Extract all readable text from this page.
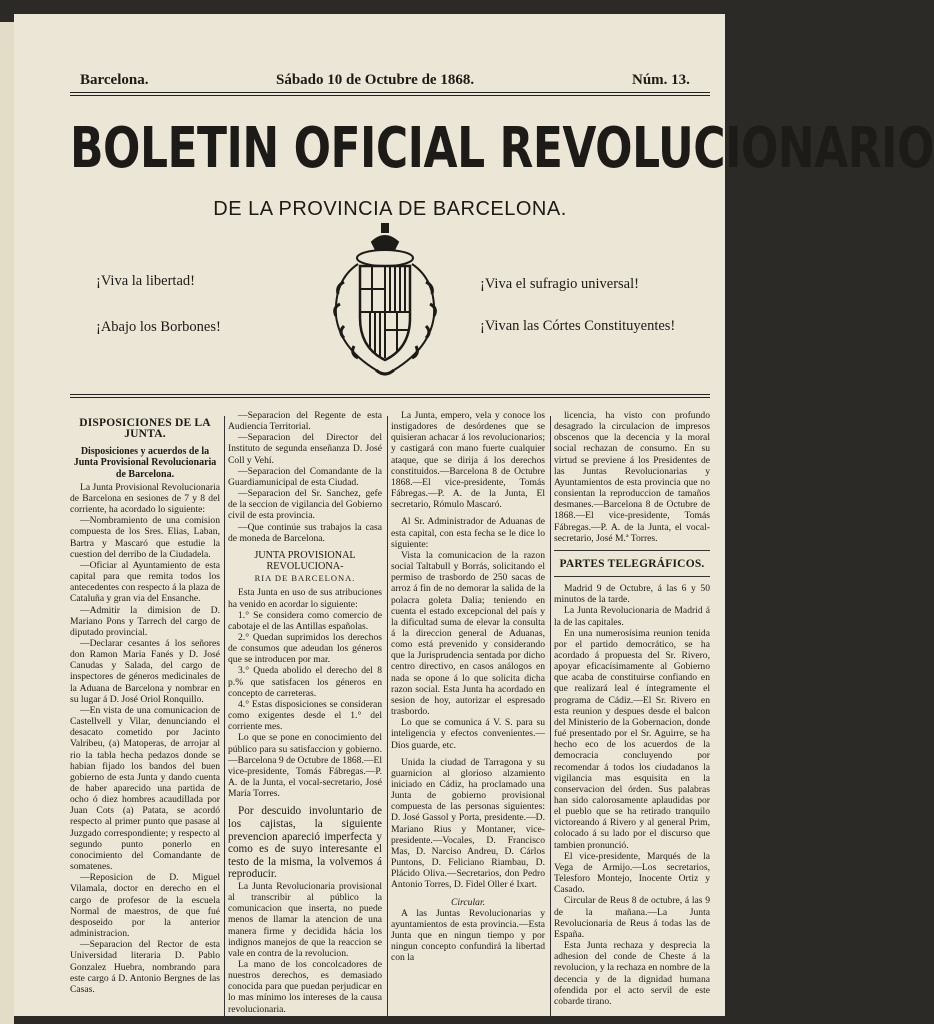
Barcelona.	Sábado 10 de Octubre de 1868.	Núm. 13.
BOLETIN OFICIAL REVOLUCIONARIO
DE LA PROVINCIA DE BARCELONA.
¡Viva la libertad!
¡Abajo los Borbones!
¡Viva el sufragio universal!
¡Vivan las Córtes Constituyentes!

DISPOSICIONES DE LA JUNTA.

Disposiciones y acuerdos de la Junta Provisional Revolucionaria de Barcelona.

La Junta Provisional Revolucionaria de Barcelona en sesiones de 7 y 8 del corriente, ha acordado lo siguiente:

—Nombramiento de una comision compuesta de los Sres. Elias, Laban, Bartra y Mascaró que estudie la cuestion del derribo de la Ciudadela.

—Oficiar al Ayuntamiento de esta capital para que remita todos los antecedentes con respecto á la plaza de Cataluña y gran via del Ensanche.

—Admitir la dimision de D. Mariano Pons y Tarrech del cargo de diputado provincial.

—Declarar cesantes á los señores don Ramon Maria Fanés y D. José Canudas y Salada, del cargo de inspectores de géneros medicinales de la Aduana de Barcelona y nombrar en su lugar á D. José Oriol Ronquillo.

—En vista de una comunicacion de Castellvell y Vilar, denunciando el desacato cometido por Jacinto Valribeu, (a) Matoperas, de arrojar al rio la tabla hecha pedazos donde se habian fijado los bandos del buen gobierno de esta Junta y dando cuenta de haber aparecido una partida de ocho ó diez hombres acaudillada por Juan Cots (a) Patata, se acordó respecto al primer punto que pasase al Juzgado correspondiente; y respecto al segundo punto ponerlo en conocimiento del Comandante de somatenes.

—Reposicion de D. Miguel Vilamala, doctor en derecho en el cargo de profesor de la escuela Normal de maestros, de que fué desposeido por la anterior administracion.

—Separacion del Rector de esta Universidad literaria D. Pablo Gonzalez Huebra, nombrando para este cargo á D. Antonio Bergnes de las Casas.

—Separacion del Regente de esta Audiencia Territorial.

—Separacion del Director del Instituto de segunda enseñanza D. José Coll y Vehí.

—Separacion del Comandante de la Guardiamunicipal de esta Ciudad.

—Separacion del Sr. Sanchez, gefe de la seccion de vigilancia del Gobierno civil de esta provincia.

—Que continúe sus trabajos la casa de moneda de Barcelona.

JUNTA PROVISIONAL REVOLUCIONA-

RIA DE BARCELONA.

Esta Junta en uso de sus atribuciones ha venido en acordar lo siguiente:

1.° Se considera como comercio de cabotaje el de las Antillas españolas.

2.° Quedan suprimidos los derechos de consumos que adeudan los géneros que se introducen por mar.

3.° Queda abolido el derecho del 8 p.% que satisfacen los géneros en concepto de carreteras.

4.° Estas disposiciones se consideran como exigentes desde el 1.° del corriente mes.

Lo que se pone en conocimiento del público para su satisfaccion y gobierno.—Barcelona 9 de Octubre de 1868.—El vice-presidente, Tomás Fábregas.—P. A. de la Junta, el vocal-secretario, José María Torres.

Por descuido involuntario de los cajistas, la siguiente prevencion apareció imperfecta y como es de suyo interesante el testo de la misma, la volvemos á reproducir.

La Junta Revolucionaria provisional al transcribir al público la comunicacion que inserta, no puede menos de llamar la atencion de una manera firme y decidida hácia los indignos manejos de que la reaccion se vale en contra de la revolucion.

La mano de los concolcadores de nuestros derechos, es demasiado conocida para que puedan perjudicar en lo mas mínimo los intereses de la causa revolucionaria.

La Junta, empero, vela y conoce los instigadores de desórdenes que se quisieran achacar á los revolucionarios; y castigará con mano fuerte cualquier ataque, que se dirija á los derechos constituidos.—Barcelona 8 de Octubre 1868.—El vice-presidente, Tomás Fábregas.—P. A. de la Junta, El secretario, Rómulo Mascaró.

Al Sr. Administrador de Aduanas de esta capital, con esta fecha se le dice lo siguiente:

Vista la comunicacion de la razon social Taltabull y Borrás, solicitando el permiso de trasbordo de 250 sacas de arroz á fin de no demorar la salida de la polacra goleta Dalia; teniendo en cuenta el estado excepcional del país y la dificultad suma de elevar la consulta á la direccion general de Aduanas, como está prevenido y considerando que la Jurisprudencia sentada por dicho centro directivo, en casos análogos en nada se opone á lo que solicita dicha razon social. Esta Junta ha acordado en sesion de hoy, autorizar el espresado trasbordo.

Lo que se comunica á V. S. para su inteligencia y efectos convenientes.—Dios guarde, etc.

Unida la ciudad de Tarragona y su guarnicion al glorioso alzamiento iniciado en Cádiz, ha proclamado una Junta de gobierno provisional compuesta de las personas siguientes: D. José Gassol y Porta, presidente.—D. Mariano Rius y Montaner, vice-presidente.—Vocales, D. Francisco Mas, D. Narciso Andreu, D. Cárlos Puntons, D. Feliciano Riambau, D. Plácido Oliva.—Secretarios, don Pedro Antonio Torres, D. Fidel Oller é Ixart.

Circular.

A las Juntas Revolucionarias y ayuntamientos de esta provincia.—Esta Junta que en ningun tiempo y por ningun concepto confundirá la libertad con la

licencia, ha visto con profundo desagrado la circulacion de impresos obscenos que la decencia y la moral social rechazan de consumo. En su virtud se previene á los Presidentes de las Juntas Revolucionarias y Ayuntamientos de esta provincia que no consientan la reproduccion de tamaños desmanes.—Barcelona 8 de Octubre de 1868.—El vice-presidente, Tomás Fábregas.—P. A. de la Junta, el vocal-secretario, José M.ª Torres.

PARTES TELEGRÁFICOS.

Madrid 9 de Octubre, á las 6 y 50 minutos de la tarde.

La Junta Revolucionaria de Madrid á la de las capitales.

En una numerosísima reunion tenida por el partido democrático, se ha acordado á propuesta del Sr. Rivero, apoyar eficacísimamente al Gobierno que acaba de constituirse confiando en que realizará leal é íntegramente el programa de Cádiz.—El Sr. Rivero en esta reunion y despues desde el balcon del Ministerio de la Gobernacion, donde fué presentado por el Sr. Aguirre, se ha hecho eco de los acuerdos de la democracia concluyendo por recomendar á todos los ciudadanos la vigilancia mas esquisita en la conservacion del órden. Sus palabras han sido calorosamente aplaudidas por el pueblo que se ha retirado tranquilo victoreando á Rivero y al general Prim, colocado á su lado por el discurso que tambien pronunció.

El vice-presidente, Marqués de la Vega de Armijo.—Los secretarios, Telesforo Montejo, Inocente Ortiz y Casado.

Circular de Reus 8 de octubre, á las 9 de la mañana.—La Junta Revolucionaria de Reus á todas las de España.

Esta Junta rechaza y desprecia la adhesion del conde de Cheste á la revolucion, y la rechaza en nombre de la decencia y de la dignidad humana ofendida por el acto servil de este cobarde tirano.
